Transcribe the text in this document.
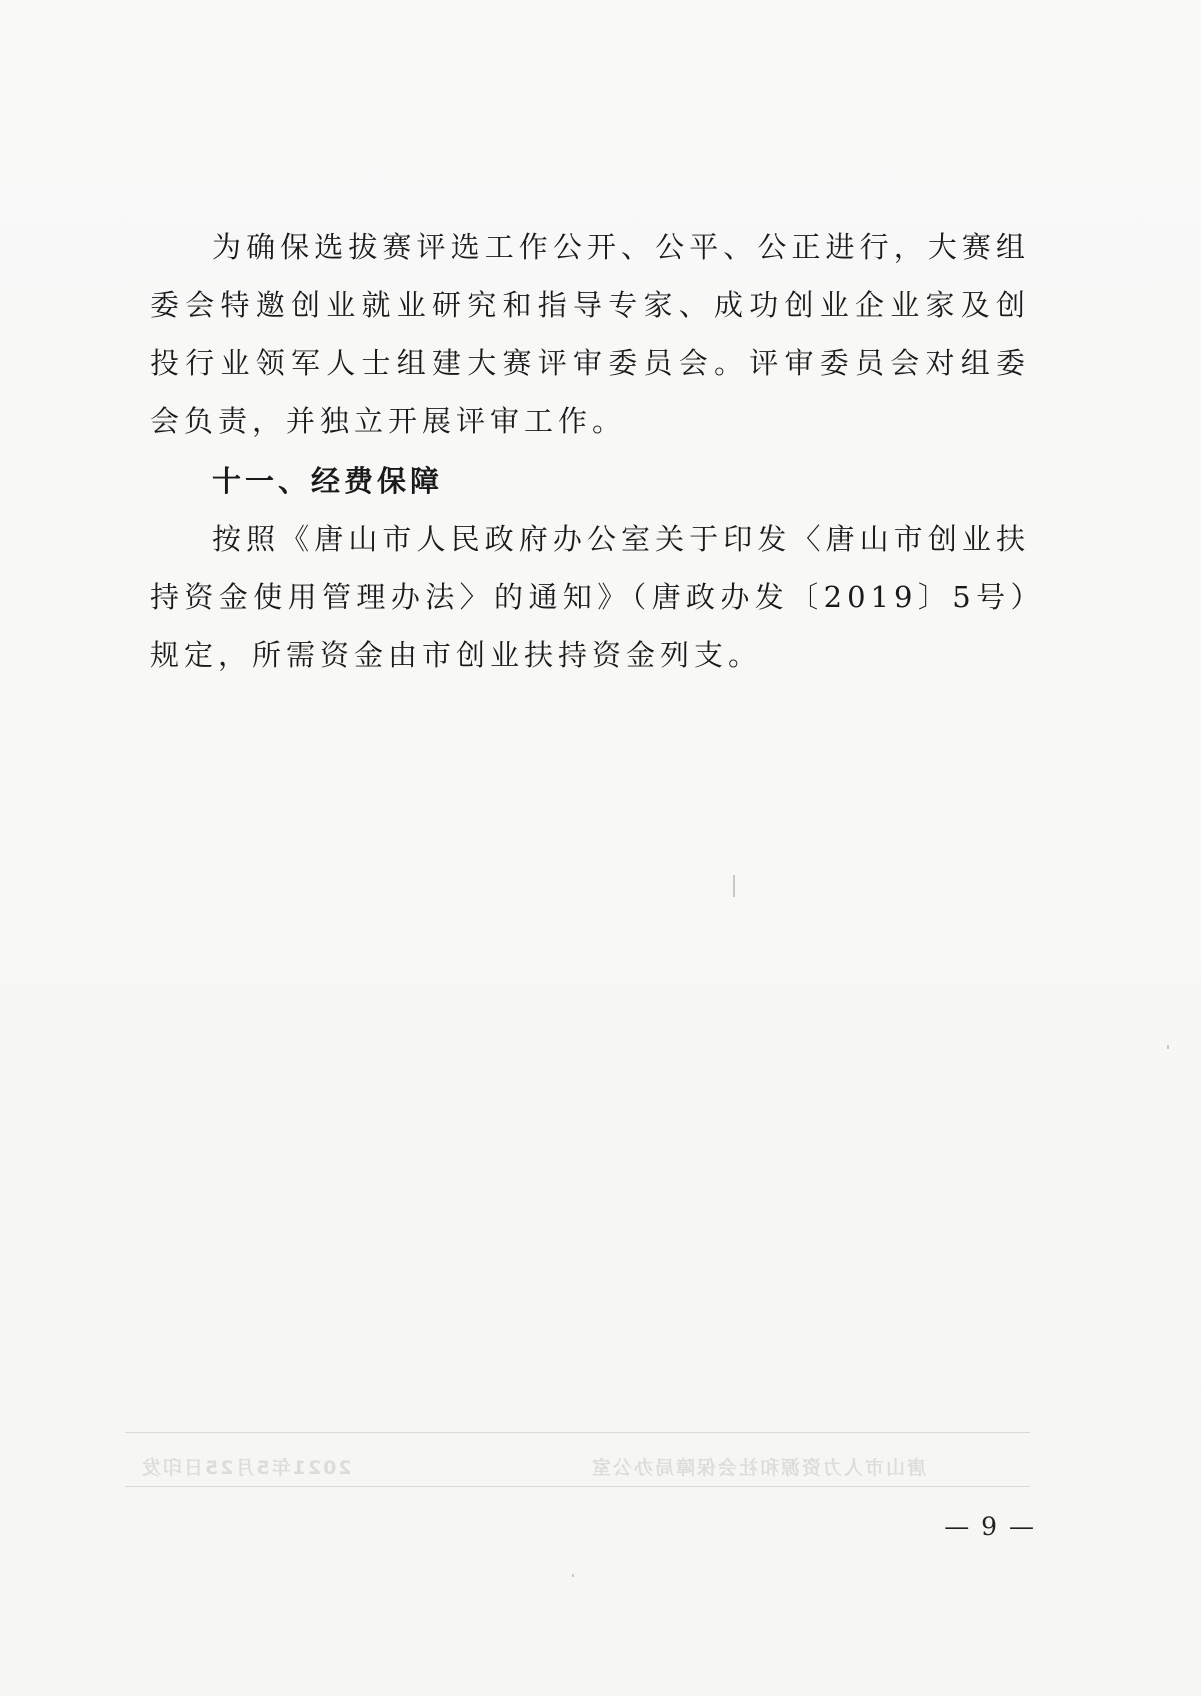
为确保选拔赛评选工作公开、公平、公正进行，大赛组委会特邀创业就业研究和指导专家、成功创业企业家及创投行业领军人士组建大赛评审委员会。评审委员会对组委会负责，并独立开展评审工作。

十一、经费保障

按照《唐山市人民政府办公室关于印发〈唐山市创业扶持资金使用管理办法〉的通知》（唐政办发〔2019〕5号）规定，所需资金由市创业扶持资金列支。

唐山市人力资源和社会保障局办公室
2021年5月25日印发
— 9 —
